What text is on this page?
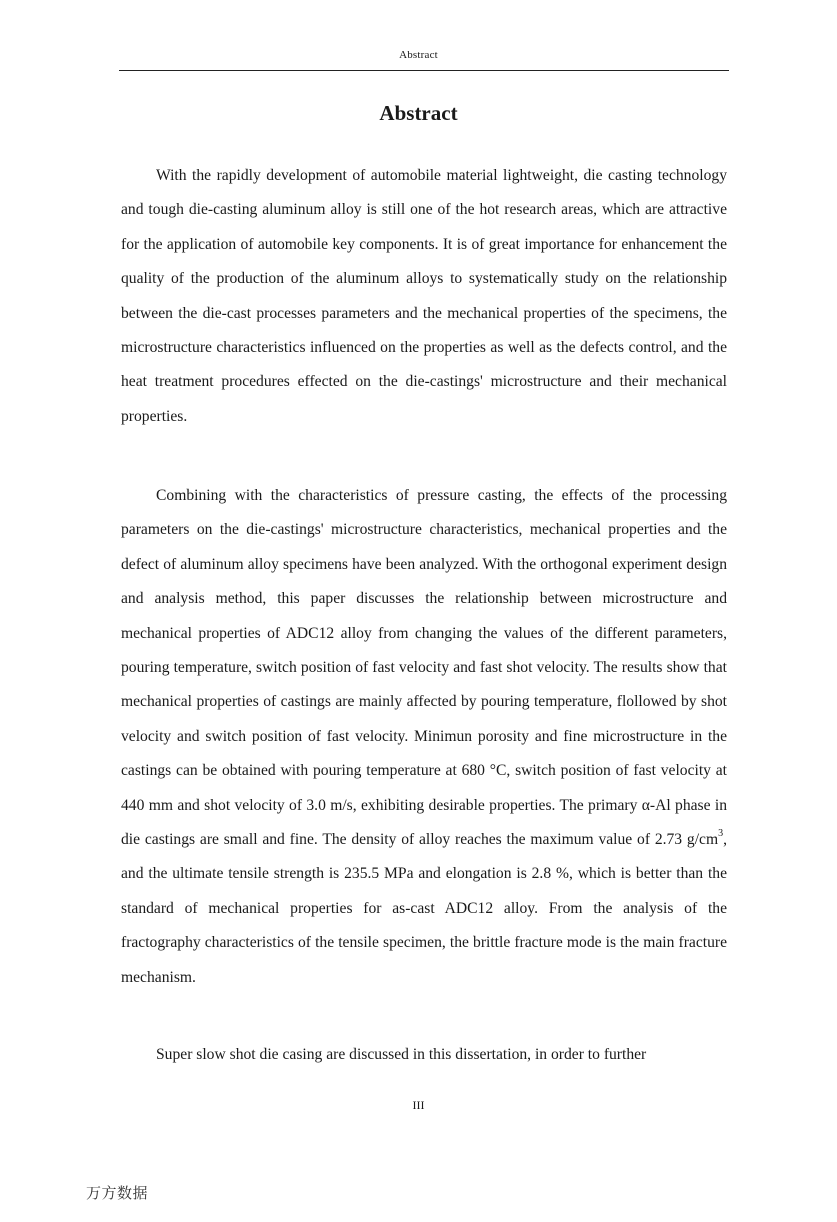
Abstract
Abstract

With the rapidly development of automobile material lightweight, die casting technology and tough die-casting aluminum alloy is still one of the hot research areas, which are attractive for the application of automobile key components. It is of great importance for enhancement the quality of the production of the aluminum alloys to systematically study on the relationship between the die-cast processes parameters and the mechanical properties of the specimens, the microstructure characteristics influenced on the properties as well as the defects control, and the heat treatment procedures effected on the die-castings' microstructure and their mechanical properties.

Combining with the characteristics of pressure casting, the effects of the processing parameters on the die-castings' microstructure characteristics, mechanical properties and the defect of aluminum alloy specimens have been analyzed. With the orthogonal experiment design and analysis method, this paper discusses the relationship between microstructure and mechanical properties of ADC12 alloy from changing the values of the different parameters, pouring temperature, switch position of fast velocity and fast shot velocity. The results show that mechanical properties of castings are mainly affected by pouring temperature, flollowed by shot velocity and switch position of fast velocity. Minimun porosity and fine microstructure in the castings can be obtained with pouring temperature at 680 °C, switch position of fast velocity at 440 mm and shot velocity of 3.0 m/s, exhibiting desirable properties. The primary α-Al phase in die castings are small and fine. The density of alloy reaches the maximum value of 2.73 $g/cm^3$, and the ultimate tensile strength is 235.5 MPa and elongation is 2.8 %, which is better than the standard of mechanical properties for as-cast ADC12 alloy. From the analysis of the fractography characteristics of the tensile specimen, the brittle fracture mode is the main fracture mechanism.

Super slow shot die casing are discussed in this dissertation, in order to further

III
万方数据
